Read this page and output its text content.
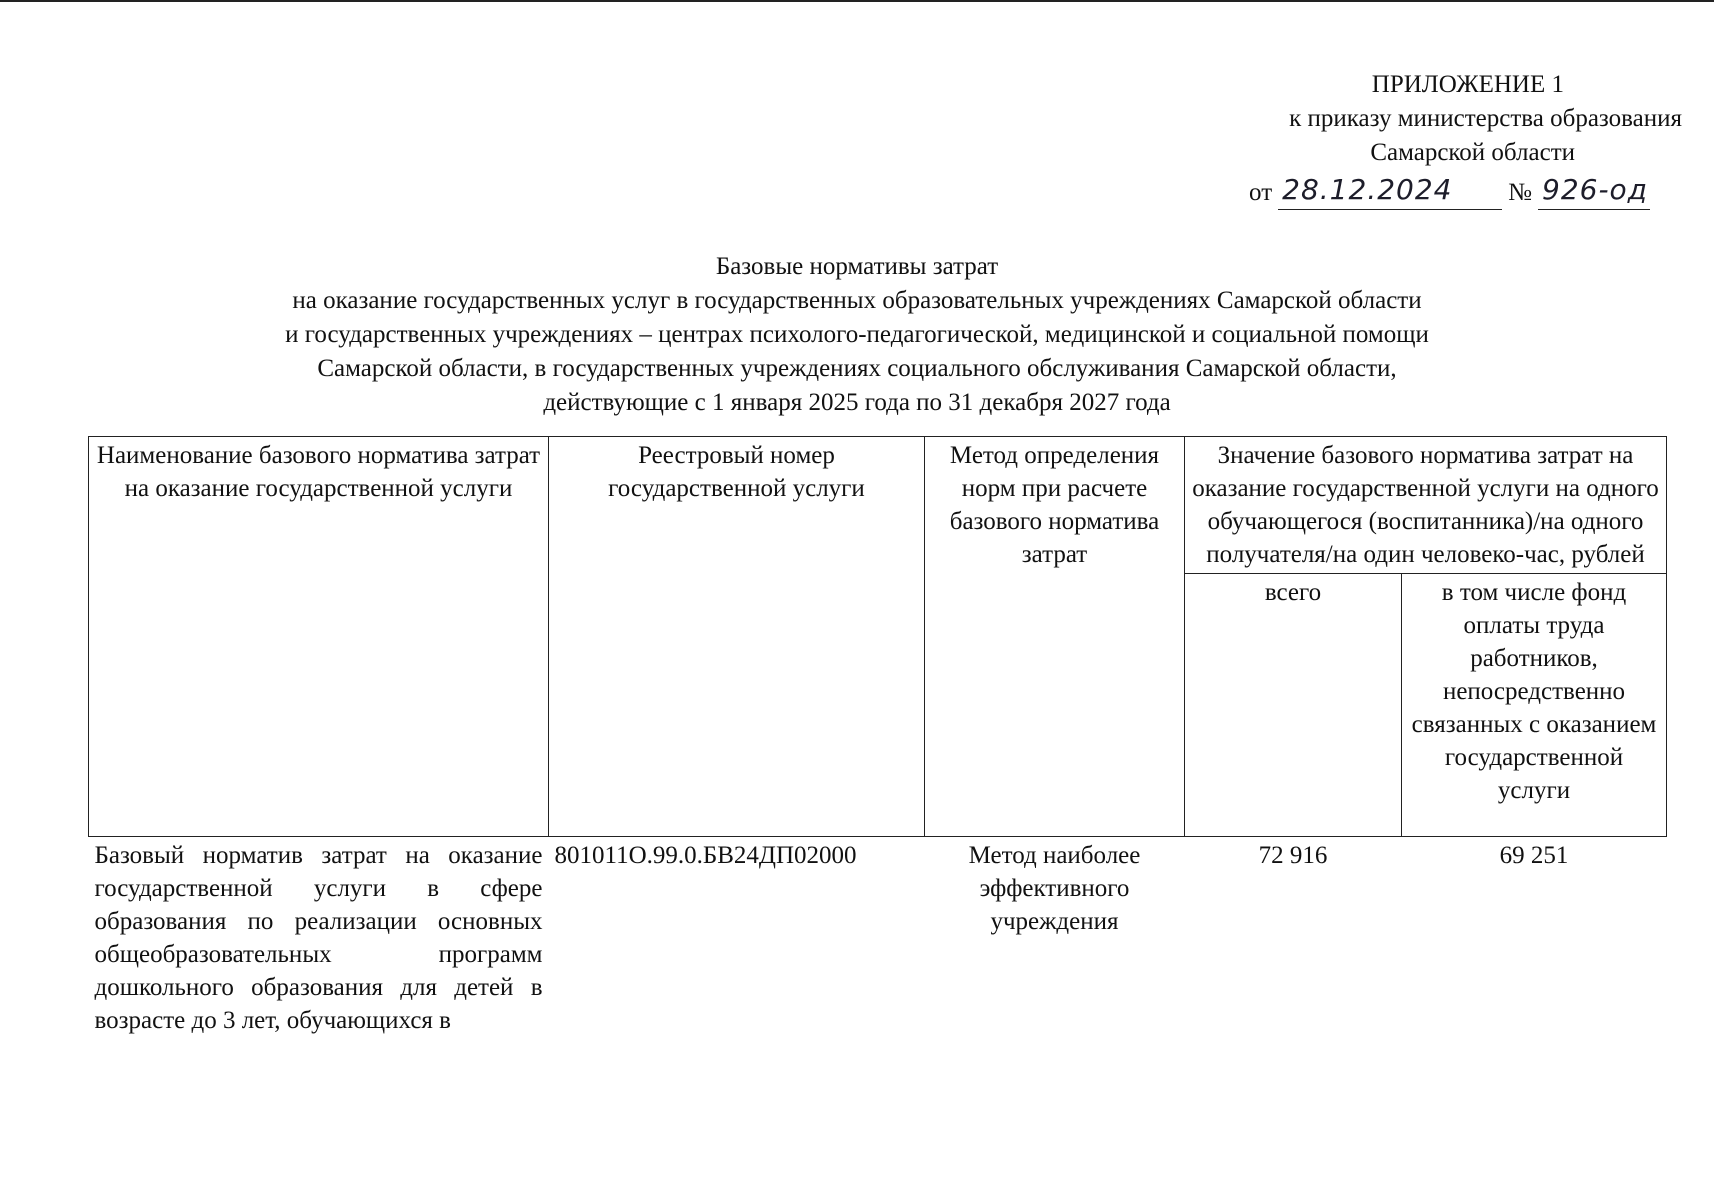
ПРИЛОЖЕНИЕ 1
к приказу министерства образования
Самарской области
от 28.12.2024	№ 926-од
Базовые нормативы затрат
на оказание государственных услуг в государственных образовательных учреждениях Самарской области
и государственных учреждениях – центрах психолого-педагогической, медицинской и социальной помощи
Самарской области, в государственных учреждениях социального обслуживания Самарской области,
действующие с 1 января 2025 года по 31 декабря 2027 года
Наименование базового норматива затрат на оказание государственной услуги	Реестровый номер государственной услуги	Метод определения норм при расчете базового норматива затрат	Значение базового норматива затрат на оказание государственной услуги на одного обучающегося (воспитанника)/на одного получателя/на один человеко-час, рублей	
			всего	в том числе фонд оплаты труда работников, непосредственно связанных с оказанием государственной услуги
Базовый норматив затрат на оказание государственной услуги в сфере образования по реализации основных общеобразовательных программ дошкольного образования для детей в возрасте до 3 лет, обучающихся в	801011О.99.0.БВ24ДП02000	Метод наиболее эффективного учреждения	72 916	69 251
